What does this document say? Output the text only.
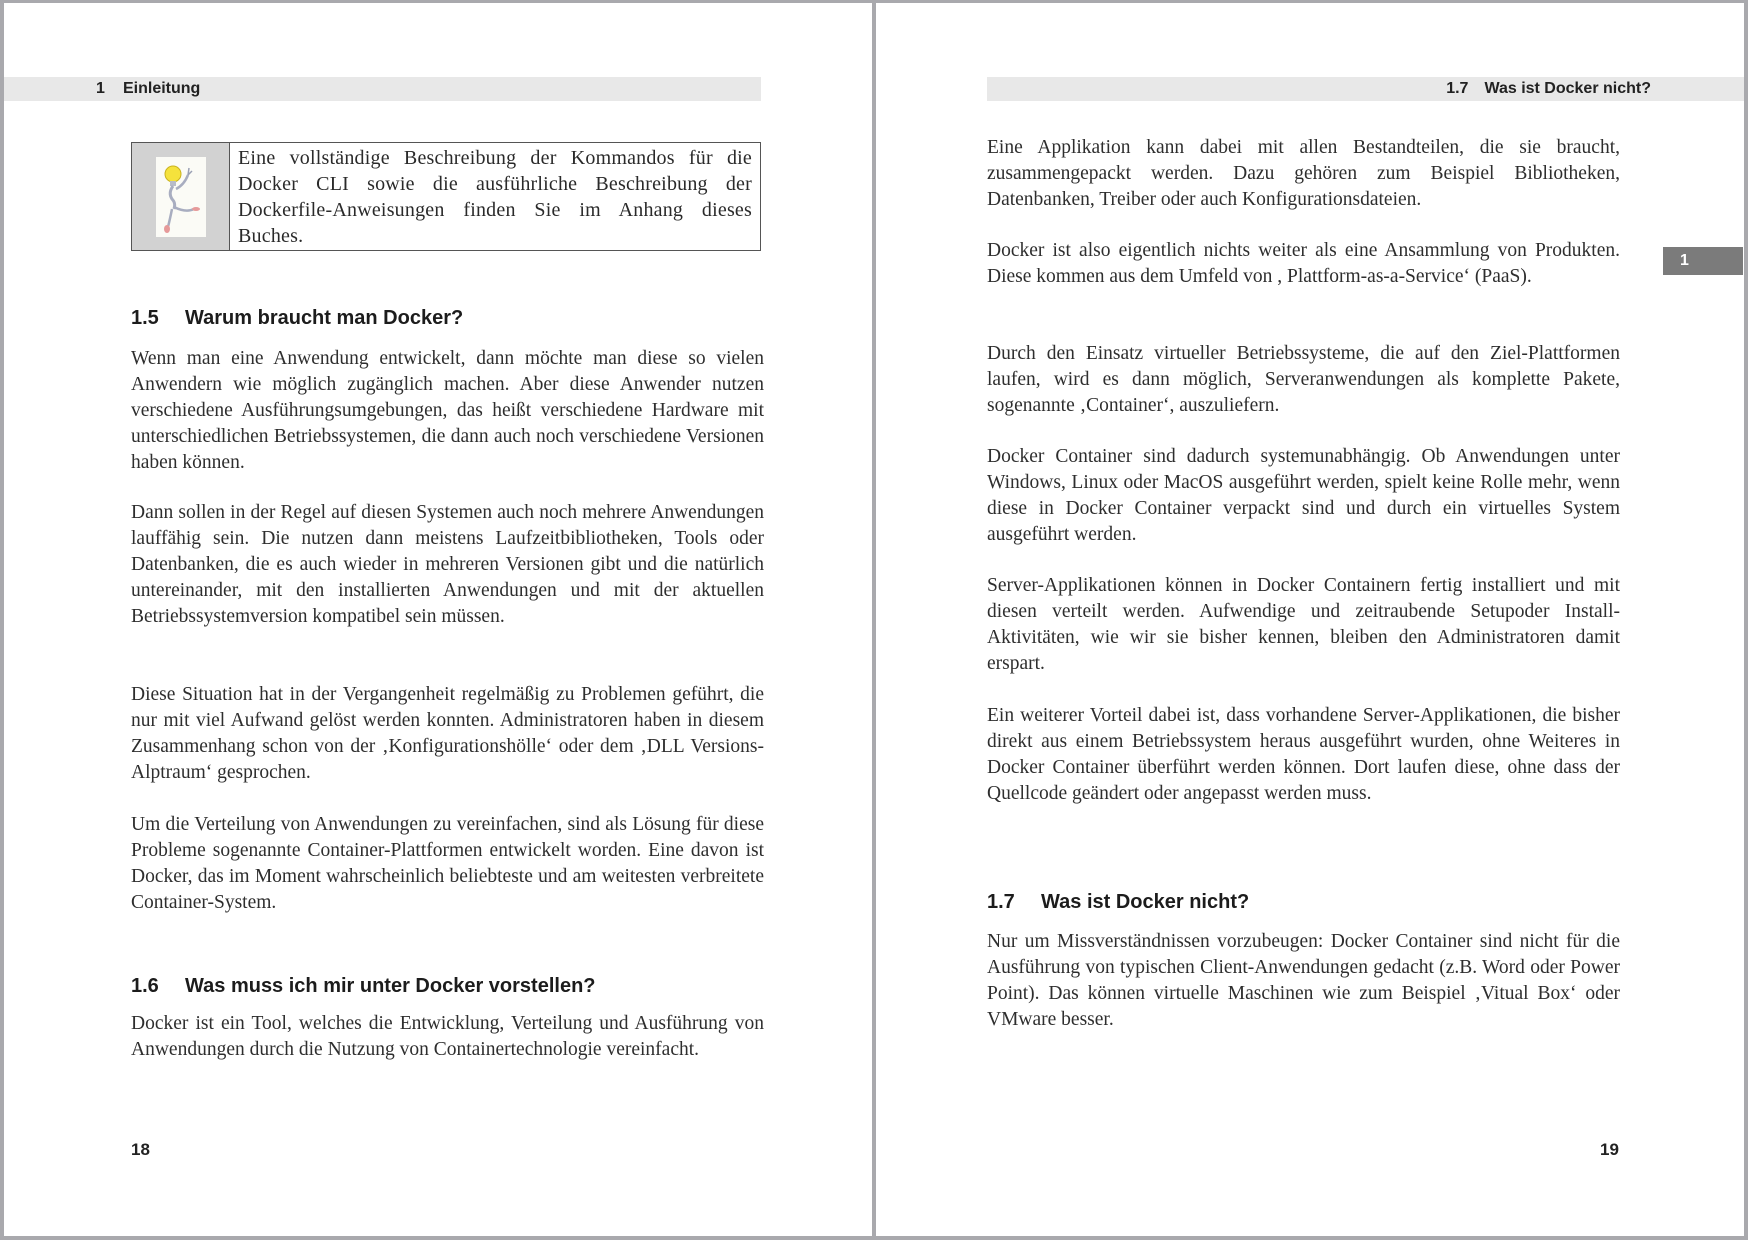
1 Einleitung
Eine vollständige Beschreibung der Kommandos für die Docker CLI sowie die ausführliche Beschreibung der Dockerfile-Anweisungen finden Sie im Anhang dieses Buches.
1.5 Warum braucht man Docker?
Wenn man eine Anwendung entwickelt, dann möchte man diese so vielen Anwendern wie möglich zugänglich machen. Aber diese Anwender nutzen verschiedene Ausführungsumgebungen, das heißt verschiedene Hardware mit unterschiedlichen Betriebssystemen, die dann auch noch verschiedene Versionen haben können.
Dann sollen in der Regel auf diesen Systemen auch noch mehrere Anwendungen lauffähig sein. Die nutzen dann meistens Laufzeitbibliotheken, Tools oder Datenbanken, die es auch wieder in mehreren Versionen gibt und die natürlich untereinander, mit den installierten Anwendungen und mit der aktuellen Betriebssystemversion kompatibel sein müssen.
Diese Situation hat in der Vergangenheit regelmäßig zu Problemen geführt, die nur mit viel Aufwand gelöst werden konnten. Administratoren haben in diesem Zusammenhang schon von der ‚Konfigurationshölle‘ oder dem ‚DLL Versions-Alptraum‘ gesprochen.
Um die Verteilung von Anwendungen zu vereinfachen, sind als Lösung für diese Probleme sogenannte Container-Plattformen entwickelt worden. Eine davon ist Docker, das im Moment wahrscheinlich beliebteste und am weitesten verbreitete Container-System.
1.6 Was muss ich mir unter Docker vorstellen?
Docker ist ein Tool, welches die Entwicklung, Verteilung und Ausführung von Anwendungen durch die Nutzung von Containertechnologie vereinfacht.
18
1.7 Was ist Docker nicht?
Eine Applikation kann dabei mit allen Bestandteilen, die sie braucht, zusammengepackt werden. Dazu gehören zum Beispiel Bibliotheken, Datenbanken, Treiber oder auch Konfigurationsdateien.
Docker ist also eigentlich nichts weiter als eine Ansammlung von Produkten. Diese kommen aus dem Umfeld von , Plattform-as-a-Service‘ (PaaS).
Durch den Einsatz virtueller Betriebssysteme, die auf den Ziel-Plattformen laufen, wird es dann möglich, Serveranwendungen als komplette Pakete, sogenannte ‚Container‘, auszuliefern.
Docker Container sind dadurch systemunabhängig. Ob Anwendungen unter Windows, Linux oder MacOS ausgeführt werden, spielt keine Rolle mehr, wenn diese in Docker Container verpackt sind und durch ein virtuelles System ausgeführt werden.
Server-Applikationen können in Docker Containern fertig installiert und mit diesen verteilt werden. Aufwendige und zeitraubende Setupoder Install-Aktivitäten, wie wir sie bisher kennen, bleiben den Administratoren damit erspart.
Ein weiterer Vorteil dabei ist, dass vorhandene Server-Applikationen, die bisher direkt aus einem Betriebssystem heraus ausgeführt wurden, ohne Weiteres in Docker Container überführt werden können. Dort laufen diese, ohne dass der Quellcode geändert oder angepasst werden muss.
1.7 Was ist Docker nicht?
Nur um Missverständnissen vorzubeugen: Docker Container sind nicht für die Ausführung von typischen Client-Anwendungen gedacht (z.B. Word oder Power Point). Das können virtuelle Maschinen wie zum Beispiel ‚Vitual Box‘ oder VMware besser.
19
1
